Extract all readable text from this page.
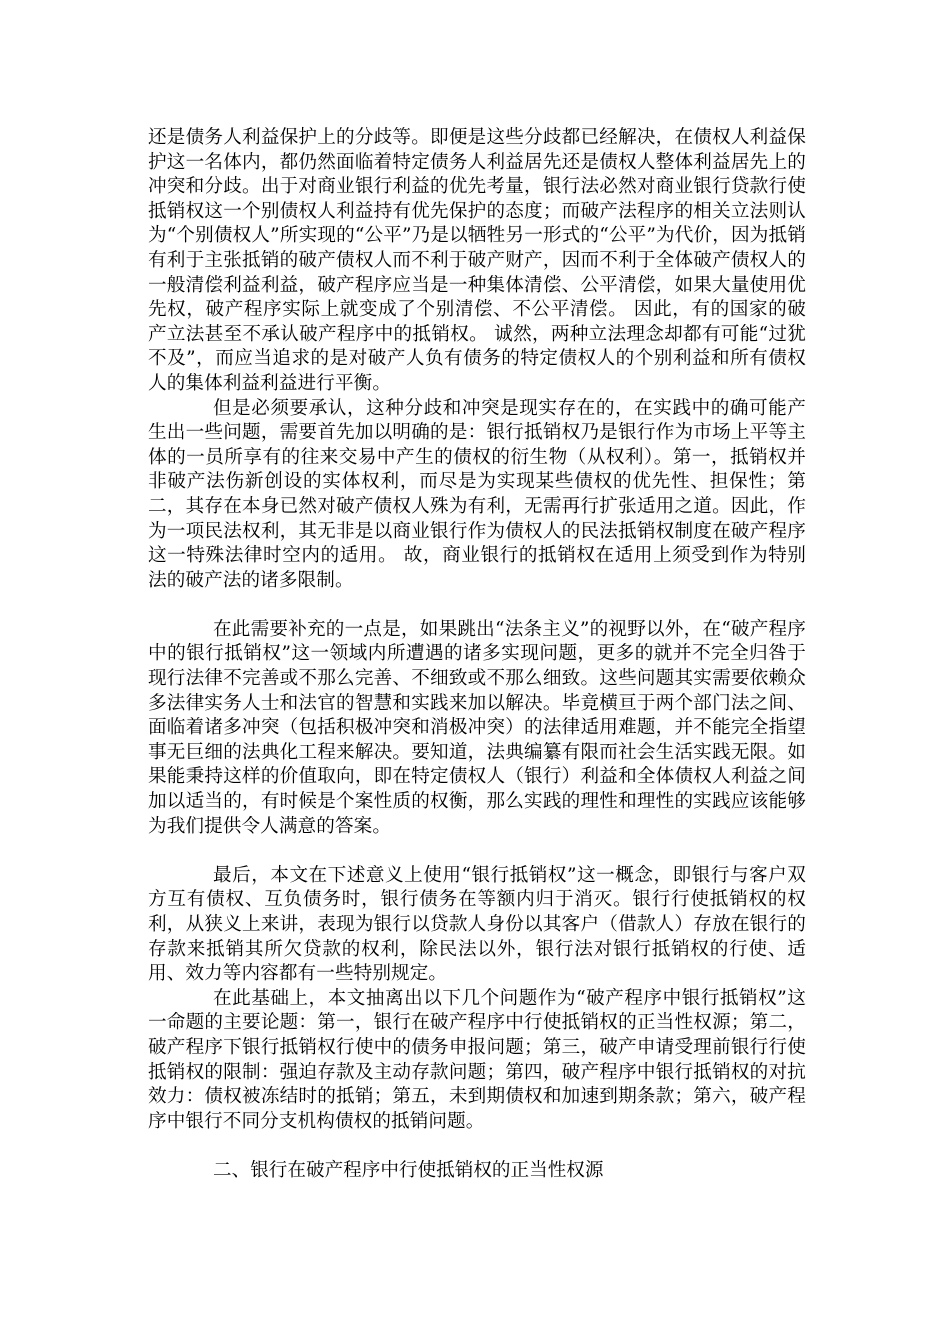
还是债务人利益保护上的分歧等。即便是这些分歧都已经解决，在债权人利益保护这一名体内，都仍然面临着特定债务人利益居先还是债权人整体利益居先上的冲突和分歧。出于对商业银行利益的优先考量，银行法必然对商业银行贷款行使抵销权这一个别债权人利益持有优先保护的态度；而破产法程序的相关立法则认为“个别债权人”所实现的“公平”乃是以牺牲另一形式的“公平”为代价，因为抵销有利于主张抵销的破产债权人而不利于破产财产，因而不利于全体破产债权人的一般清偿利益利益，破产程序应当是一种集体清偿、公平清偿，如果大量使用优先权，破产程序实际上就变成了个别清偿、不公平清偿。 因此，有的国家的破产立法甚至不承认破产程序中的抵销权。 诚然，两种立法理念却都有可能“过犹不及”，而应当追求的是对破产人负有债务的特定债权人的个别利益和所有债权人的集体利益利益进行平衡。

但是必须要承认，这种分歧和冲突是现实存在的，在实践中的确可能产生出一些问题，需要首先加以明确的是：银行抵销权乃是银行作为市场上平等主体的一员所享有的往来交易中产生的债权的衍生物（从权利）。第一，抵销权并非破产法伤新创设的实体权利，而尽是为实现某些债权的优先性、担保性；第二，其存在本身已然对破产债权人殊为有利，无需再行扩张适用之道。因此，作为一项民法权利，其无非是以商业银行作为债权人的民法抵销权制度在破产程序这一特殊法律时空内的适用。 故，商业银行的抵销权在适用上须受到作为特别法的破产法的诸多限制。

在此需要补充的一点是，如果跳出“法条主义”的视野以外，在“破产程序中的银行抵销权”这一领域内所遭遇的诸多实现问题，更多的就并不完全归咎于现行法律不完善或不那么完善、不细致或不那么细致。这些问题其实需要依赖众多法律实务人士和法官的智慧和实践来加以解决。毕竟横亘于两个部门法之间、面临着诸多冲突（包括积极冲突和消极冲突）的法律适用难题，并不能完全指望事无巨细的法典化工程来解决。要知道，法典编纂有限而社会生活实践无限。如果能秉持这样的价值取向，即在特定债权人（银行）利益和全体债权人利益之间加以适当的，有时候是个案性质的权衡，那么实践的理性和理性的实践应该能够为我们提供令人满意的答案。

最后，本文在下述意义上使用“银行抵销权”这一概念，即银行与客户双方互有债权、互负债务时，银行债务在等额内归于消灭。银行行使抵销权的权利，从狭义上来讲，表现为银行以贷款人身份以其客户（借款人）存放在银行的存款来抵销其所欠贷款的权利，除民法以外，银行法对银行抵销权的行使、适用、效力等内容都有一些特别规定。

在此基础上，本文抽离出以下几个问题作为“破产程序中银行抵销权”这一命题的主要论题：第一，银行在破产程序中行使抵销权的正当性权源；第二，破产程序下银行抵销权行使中的债务申报问题；第三，破产申请受理前银行行使抵销权的限制：强迫存款及主动存款问题；第四，破产程序中银行抵销权的对抗效力：债权被冻结时的抵销；第五，未到期债权和加速到期条款；第六，破产程序中银行不同分支机构债权的抵销问题。

二、银行在破产程序中行使抵销权的正当性权源
